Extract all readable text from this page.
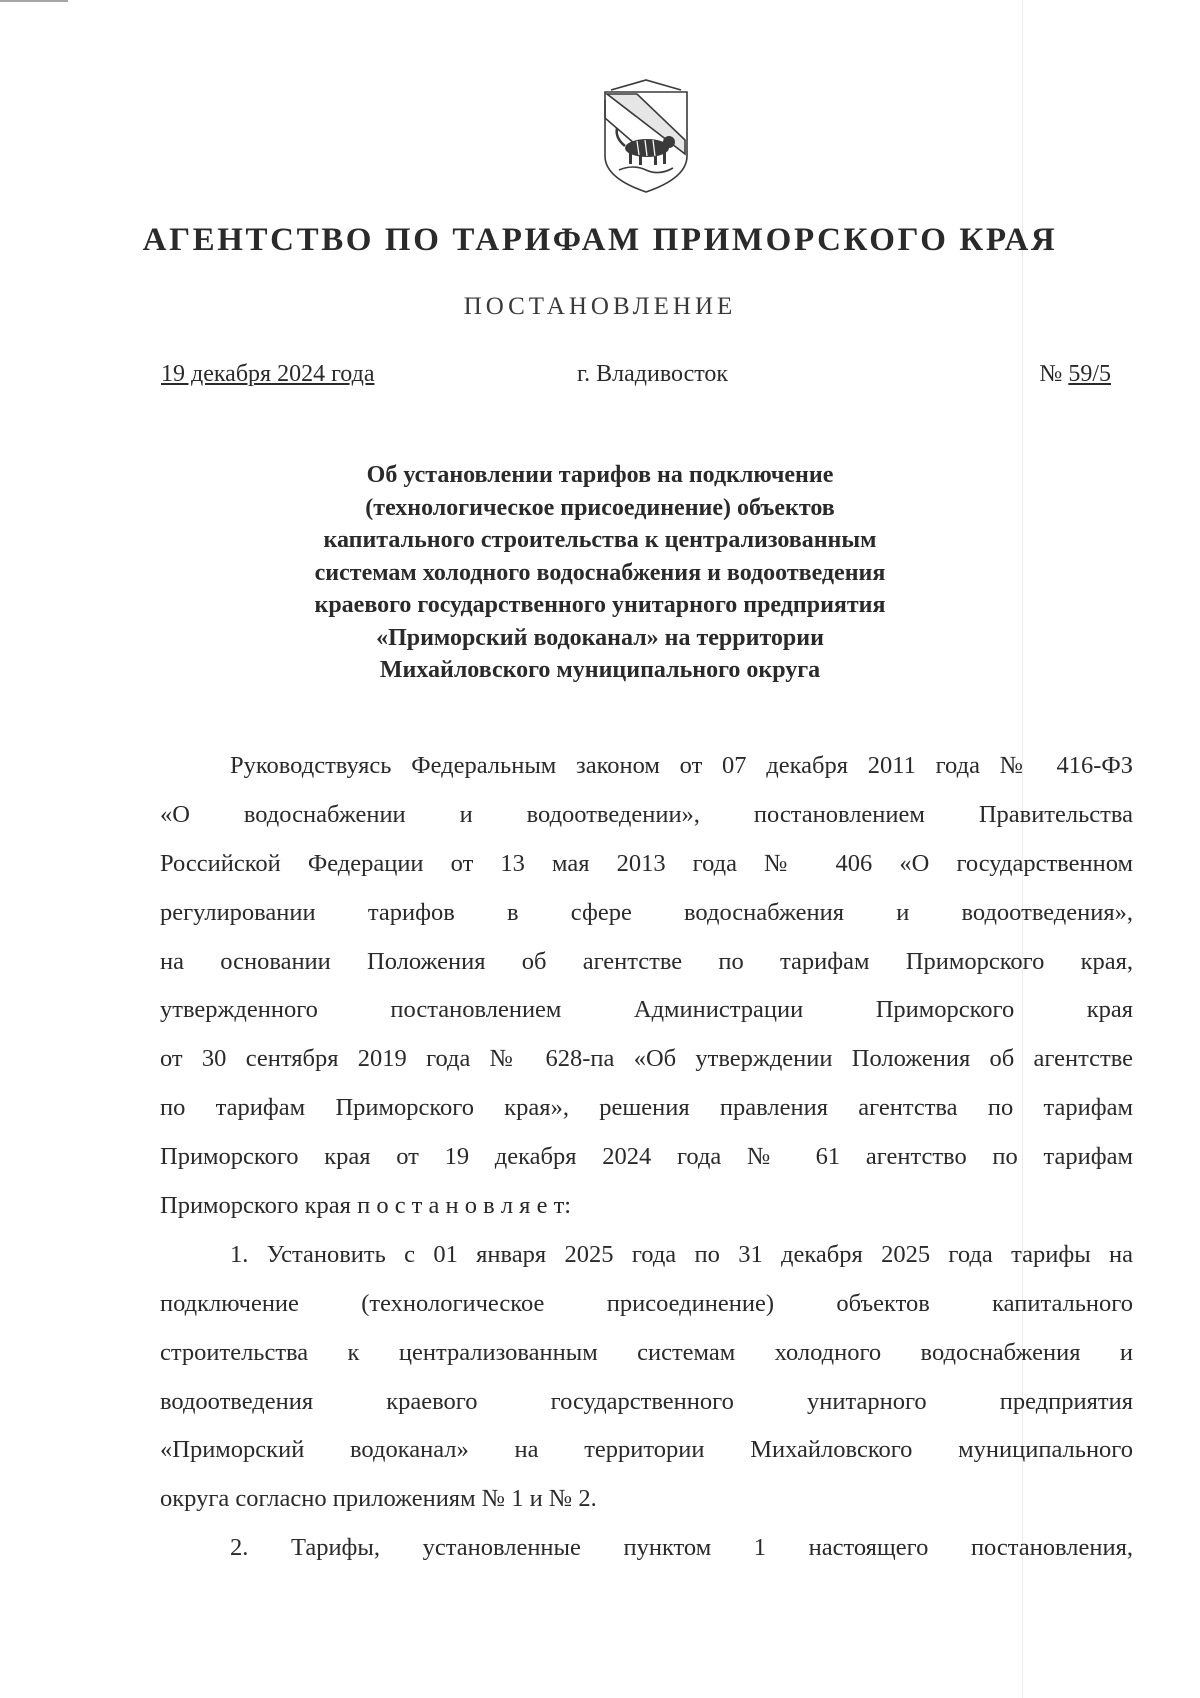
АГЕНТСТВО ПО ТАРИФАМ ПРИМОРСКОГО КРАЯ
ПОСТАНОВЛЕНИЕ
19 декабря 2024 года	г. Владивосток	№ 59/5
Об установлении тарифов на подключение
(технологическое присоединение) объектов
капитального строительства к централизованным
системам холодного водоснабжения и водоотведения
краевого государственного унитарного предприятия
«Приморский водоканал» на территории
Михайловского муниципального округа
Руководствуясь Федеральным законом от 07 декабря 2011 года № 416-ФЗ
«О водоснабжении и водоотведении», постановлением Правительства
Российской Федерации от 13 мая 2013 года № 406 «О государственном
регулировании тарифов в сфере водоснабжения и водоотведения»,
на основании Положения об агентстве по тарифам Приморского края,
утвержденного постановлением Администрации Приморского края
от 30 сентября 2019 года № 628-па «Об утверждении Положения об агентстве
по тарифам Приморского края», решения правления агентства по тарифам
Приморского края от 19 декабря 2024 года № 61 агентство по тарифам
Приморского края п о с т а н о в л я е т:
1. Установить с 01 января 2025 года по 31 декабря 2025 года тарифы на
подключение (технологическое присоединение) объектов капитального
строительства к централизованным системам холодного водоснабжения и
водоотведения краевого государственного унитарного предприятия
«Приморский водоканал» на территории Михайловского муниципального
округа согласно приложениям № 1 и № 2.
2. Тарифы, установленные пунктом 1 настоящего постановления,
